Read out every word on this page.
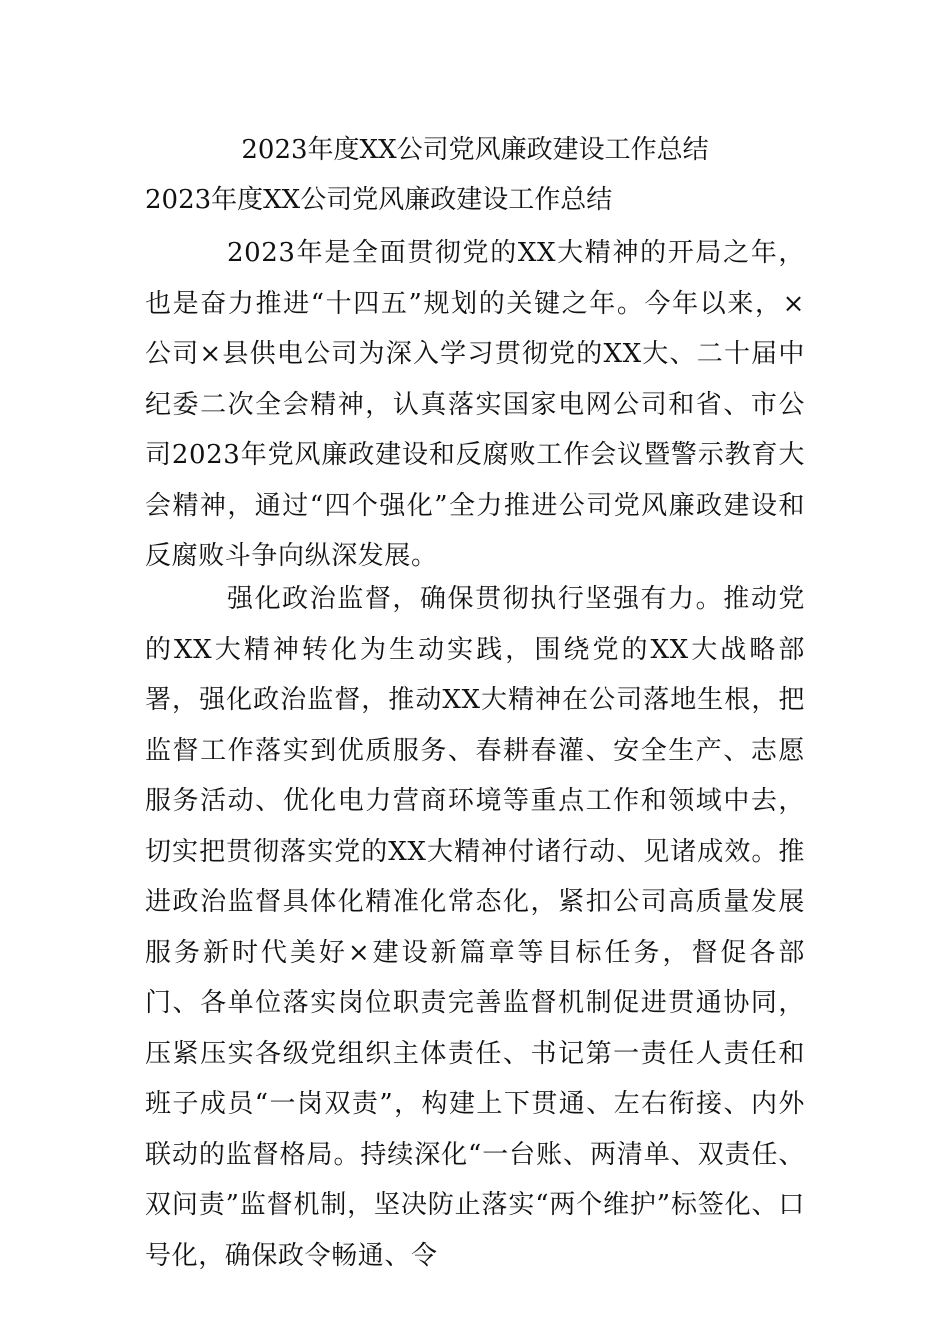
2023年度XX公司党风廉政建设工作总结
2023年度XX公司党风廉政建设工作总结

2023年是全面贯彻党的XX大精神的开局之年，也是奋力推进“十四五”规划的关键之年。今年以来，×公司×县供电公司为深入学习贯彻党的XX大、二十届中纪委二次全会精神，认真落实国家电网公司和省、市公司2023年党风廉政建设和反腐败工作会议暨警示教育大会精神，通过“四个强化”全力推进公司党风廉政建设和反腐败斗争向纵深发展。

强化政治监督，确保贯彻执行坚强有力。推动党的XX大精神转化为生动实践，围绕党的XX大战略部署，强化政治监督，推动XX大精神在公司落地生根，把监督工作落实到优质服务、春耕春灌、安全生产、志愿服务活动、优化电力营商环境等重点工作和领域中去，切实把贯彻落实党的XX大精神付诸行动、见诸成效。推进政治监督具体化精准化常态化，紧扣公司高质量发展服务新时代美好×建设新篇章等目标任务，督促各部门、各单位落实岗位职责完善监督机制促进贯通协同，压紧压实各级党组织主体责任、书记第一责任人责任和班子成员“一岗双责”，构建上下贯通、左右衔接、内外联动的监督格局。持续深化“一台账、两清单、双责任、双问责”监督机制，坚决防止落实“两个维护”标签化、口号化，确保政令畅通、令
